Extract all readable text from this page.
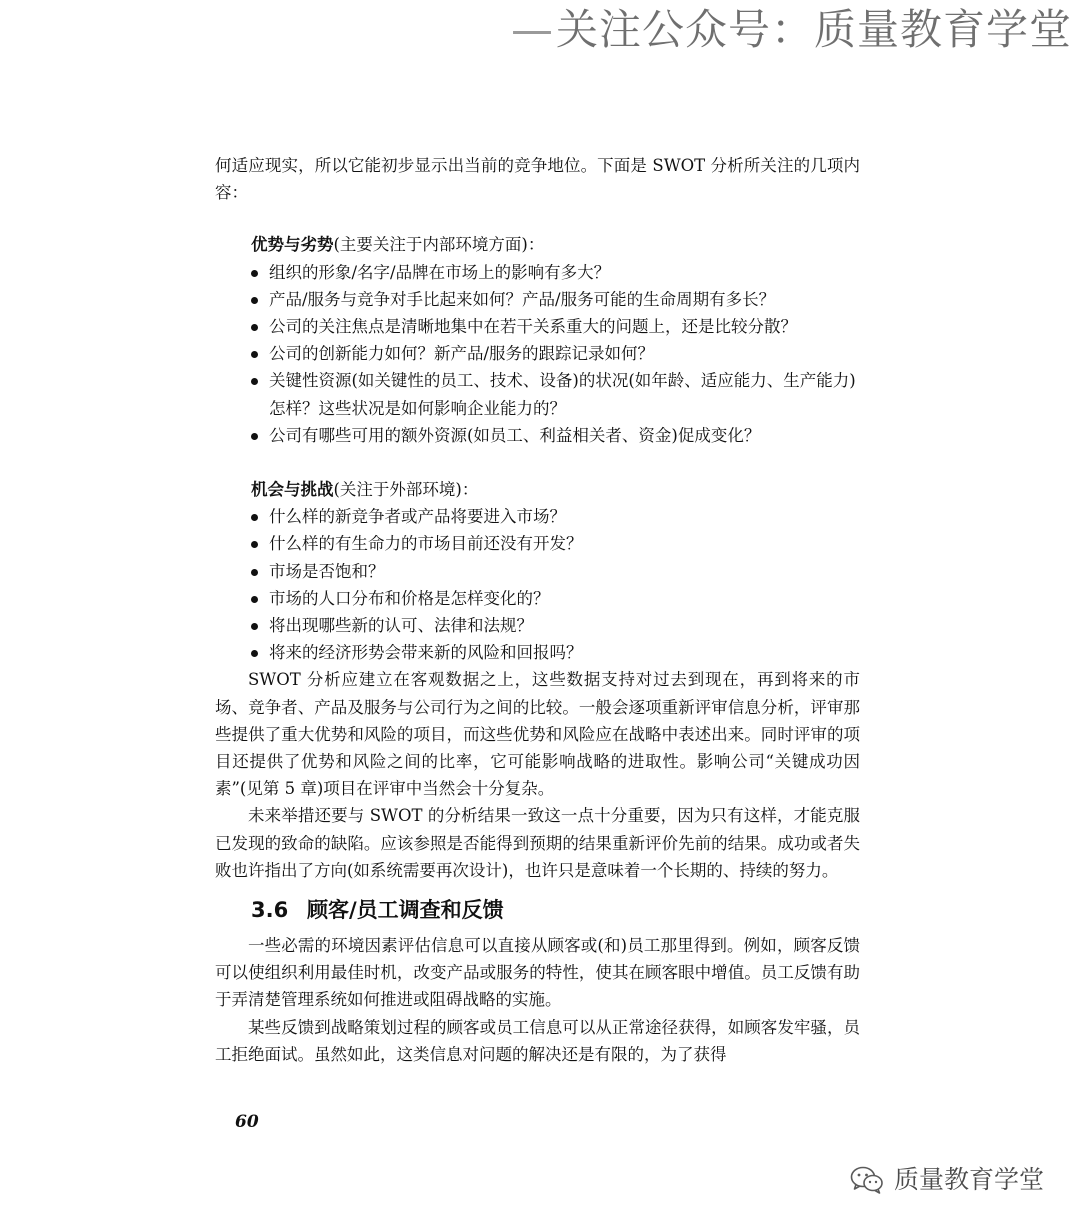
—关注公众号：质量教育学堂

何适应现实，所以它能初步显示出当前的竞争地位。下面是 SWOT 分析所关注的几项内容：

优势与劣势(主要关注于内部环境方面)：

组织的形象/名字/品牌在市场上的影响有多大？
产品/服务与竞争对手比起来如何？产品/服务可能的生命周期有多长？
公司的关注焦点是清晰地集中在若干关系重大的问题上，还是比较分散？
公司的创新能力如何？新产品/服务的跟踪记录如何？
关键性资源(如关键性的员工、技术、设备)的状况(如年龄、适应能力、生产能力)怎样？这些状况是如何影响企业能力的？
公司有哪些可用的额外资源(如员工、利益相关者、资金)促成变化？

机会与挑战(关注于外部环境)：

什么样的新竞争者或产品将要进入市场？
什么样的有生命力的市场目前还没有开发？
市场是否饱和？
市场的人口分布和价格是怎样变化的？
将出现哪些新的认可、法律和法规？
将来的经济形势会带来新的风险和回报吗？

SWOT 分析应建立在客观数据之上，这些数据支持对过去到现在，再到将来的市场、竞争者、产品及服务与公司行为之间的比较。一般会逐项重新评审信息分析，评审那些提供了重大优势和风险的项目，而这些优势和风险应在战略中表述出来。同时评审的项目还提供了优势和风险之间的比率，它可能影响战略的进取性。影响公司“关键成功因素”(见第 5 章)项目在评审中当然会十分复杂。

未来举措还要与 SWOT 的分析结果一致这一点十分重要，因为只有这样，才能克服已发现的致命的缺陷。应该参照是否能得到预期的结果重新评价先前的结果。成功或者失败也许指出了方向(如系统需要再次设计)，也许只是意味着一个长期的、持续的努力。

3.6 顾客/员工调查和反馈

一些必需的环境因素评估信息可以直接从顾客或(和)员工那里得到。例如，顾客反馈可以使组织利用最佳时机，改变产品或服务的特性，使其在顾客眼中增值。员工反馈有助于弄清楚管理系统如何推进或阻碍战略的实施。

某些反馈到战略策划过程的顾客或员工信息可以从正常途径获得，如顾客发牢骚，员工拒绝面试。虽然如此，这类信息对问题的解决还是有限的，为了获得

60
质量教育学堂
